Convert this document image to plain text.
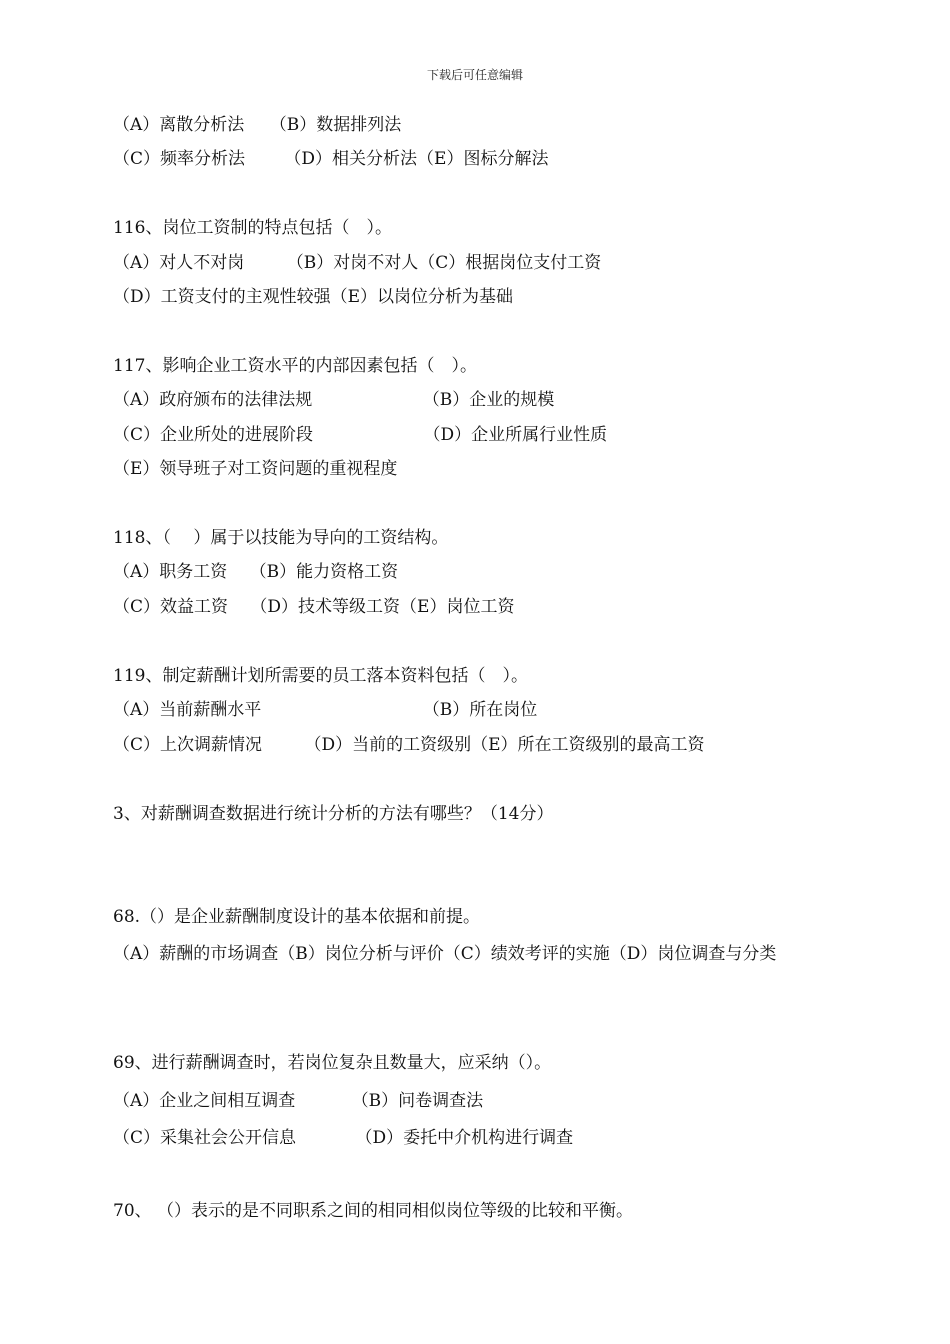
下载后可任意编辑
（A）离散分析法　　（B）数据排列法
（C）频率分析法　　 （D）相关分析法（E）图标分解法
116、岗位工资制的特点包括（　）。
（A）对人不对岗　　　（B）对岗不对人（C）根据岗位支付工资
（D）工资支付的主观性较强（E）以岗位分析为基础
117、影响企业工资水平的内部因素包括（　）。
（A）政府颁布的法律法规　　　　　　　（B）企业的规模
（C）企业所处的进展阶段　　　　　　　（D）企业所属行业性质
（E）领导班子对工资问题的重视程度
118、（　 ）属于以技能为导向的工资结构。
（A）职务工资　 （B）能力资格工资
（C）效益工资　 （D）技术等级工资（E）岗位工资
119、制定薪酬计划所需要的员工落本资料包括（　）。
（A）当前薪酬水平　　　　　　　　　　（B）所在岗位
（C）上次调薪情况　　　（D）当前的工资级别（E）所在工资级别的最高工资
3、对薪酬调查数据进行统计分析的方法有哪些？（14分）
68.（）是企业薪酬制度设计的基本依据和前提。
（A）薪酬的市场调查（B）岗位分析与评价（C）绩效考评的实施（D）岗位调查与分类
69、进行薪酬调查时，若岗位复杂且数量大，应采纳（）。
（A）企业之间相互调查　　　 （B）问卷调查法
（C）采集社会公开信息　　　　（D）委托中介机构进行调查
70、 （）表示的是不同职系之间的相同相似岗位等级的比较和平衡。
